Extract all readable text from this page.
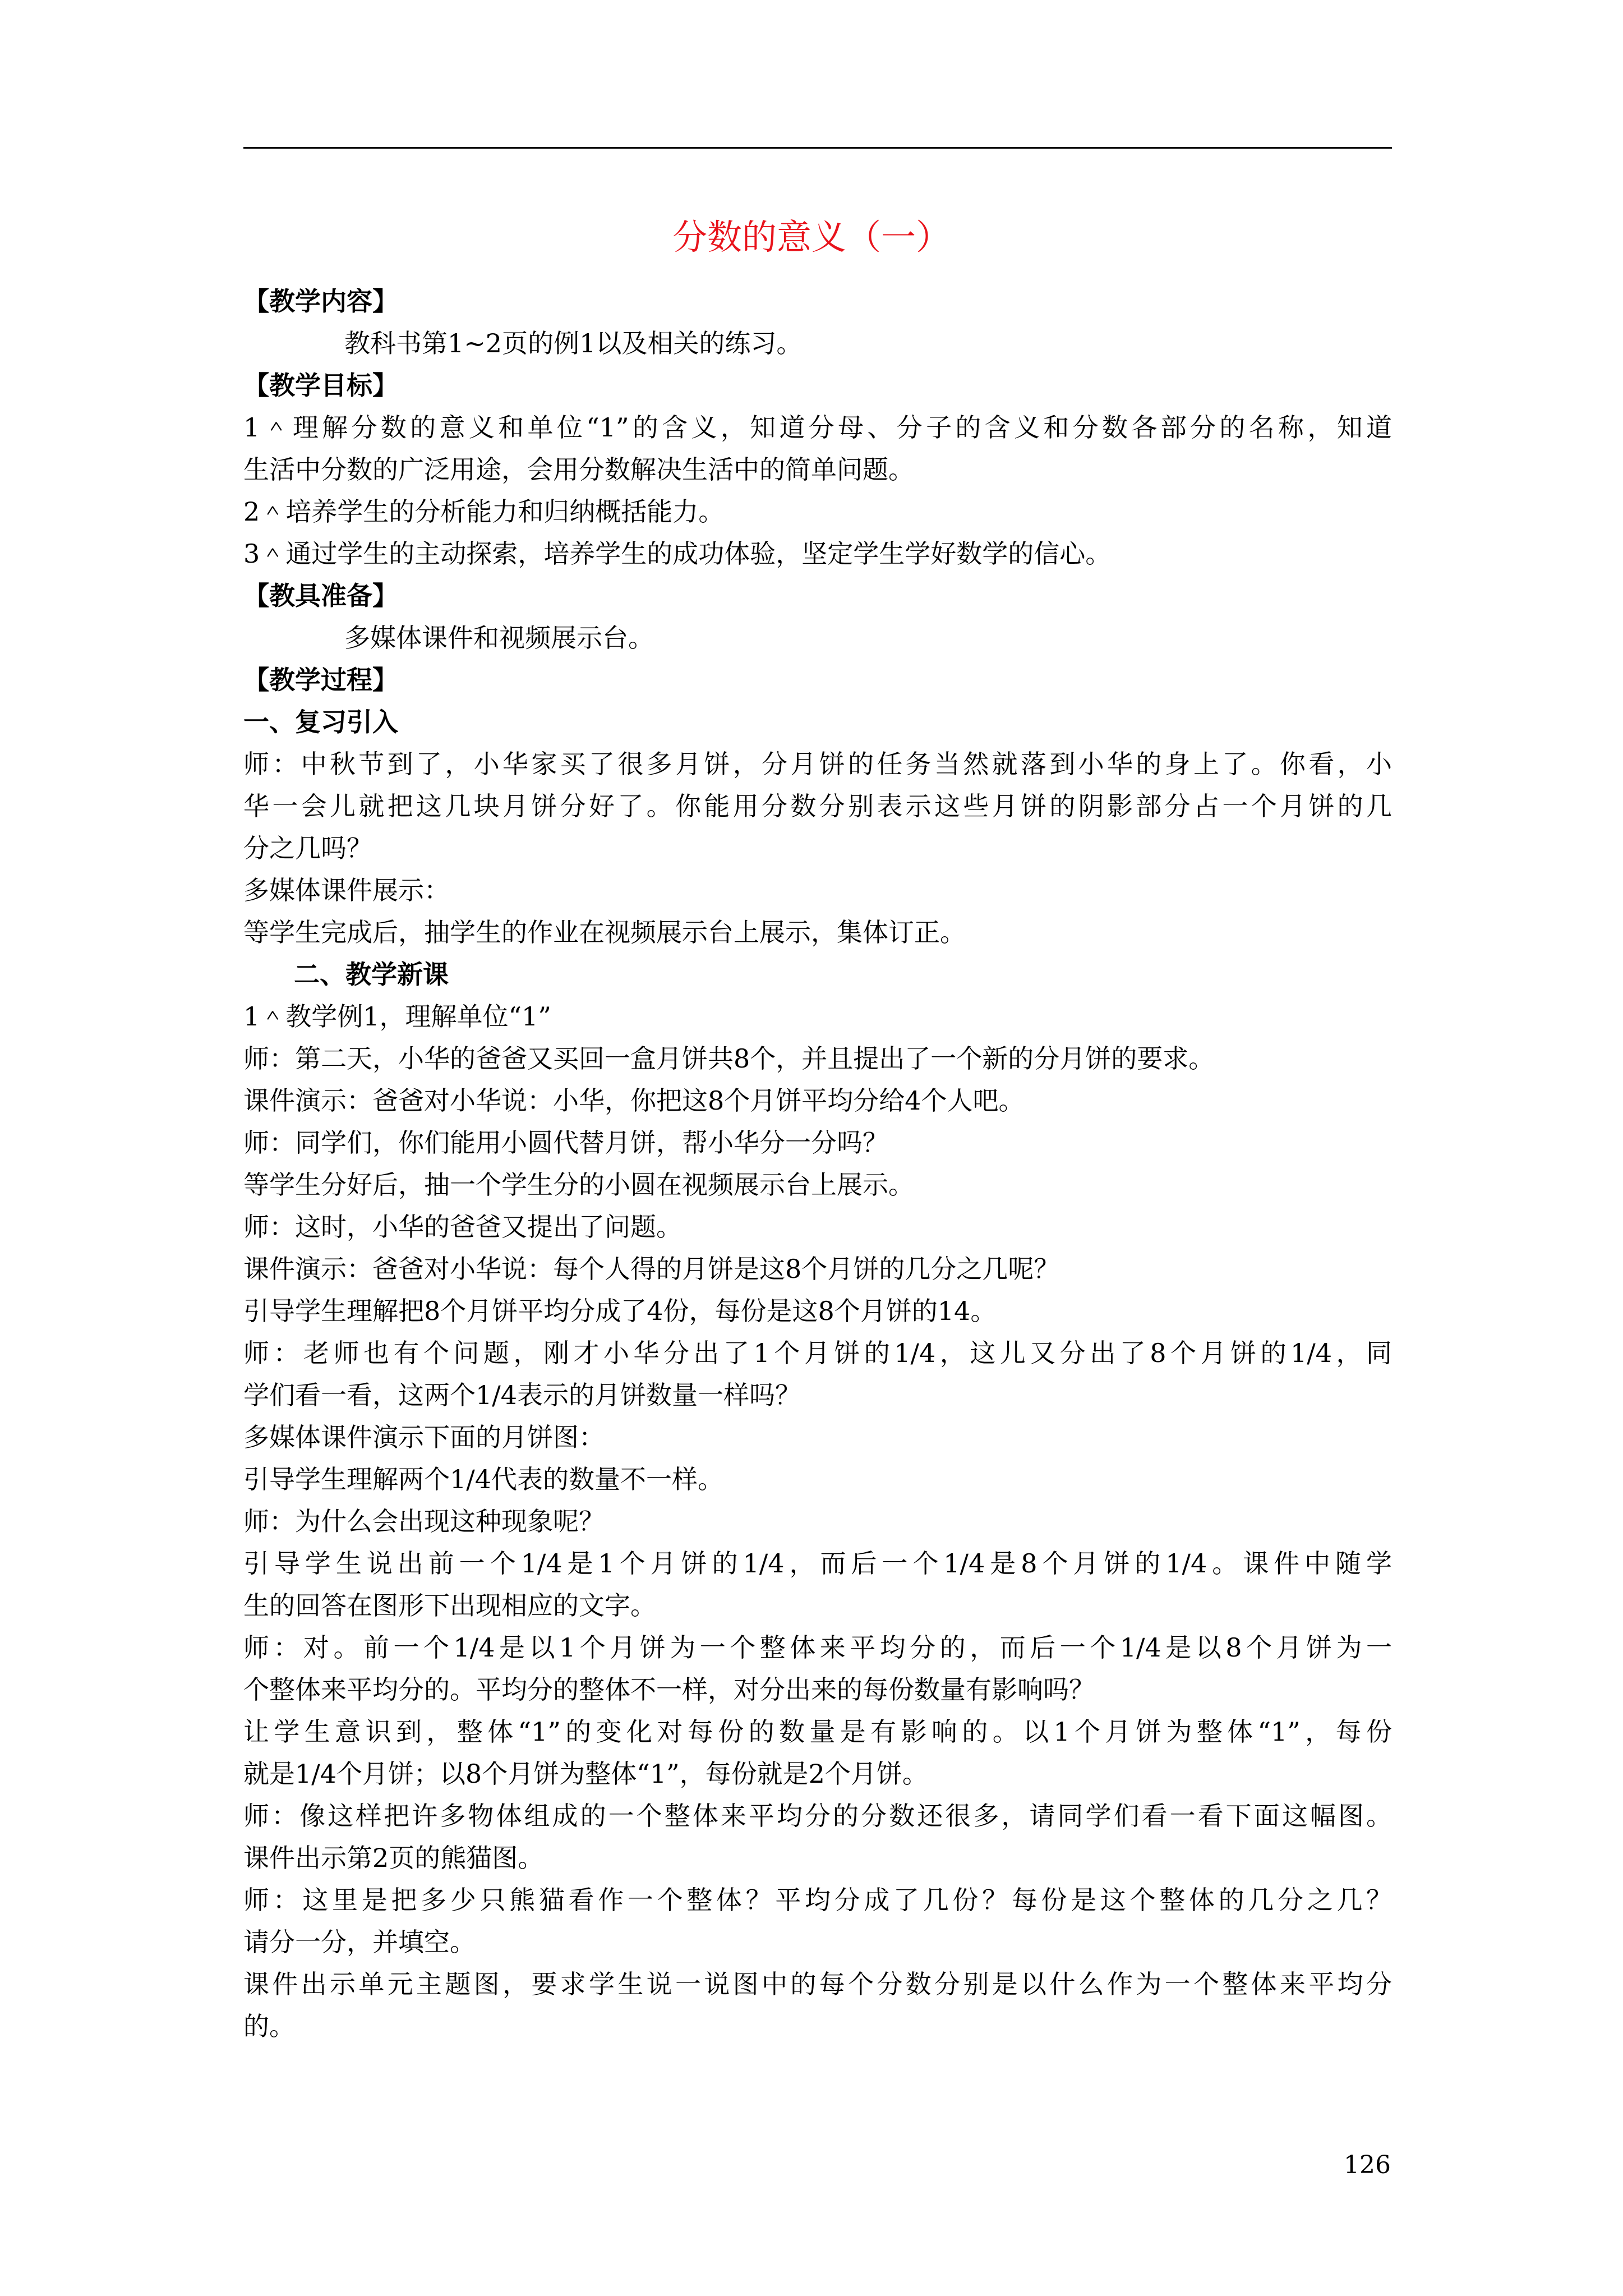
分数的意义（一）
【教学内容】
教科书第1~2页的例1以及相关的练习。
【教学目标】
1＾理解分数的意义和单位“1”的含义，知道分母、分子的含义和分数各部分的名称，知道
生活中分数的广泛用途，会用分数解决生活中的简单问题。
2＾培养学生的分析能力和归纳概括能力。
3＾通过学生的主动探索，培养学生的成功体验，坚定学生学好数学的信心。
【教具准备】
多媒体课件和视频展示台。
【教学过程】
一、复习引入
师：中秋节到了，小华家买了很多月饼，分月饼的任务当然就落到小华的身上了。你看，小
华一会儿就把这几块月饼分好了。你能用分数分别表示这些月饼的阴影部分占一个月饼的几
分之几吗？
多媒体课件展示：
等学生完成后，抽学生的作业在视频展示台上展示，集体订正。
二、教学新课
1＾教学例1，理解单位“1”
师：第二天，小华的爸爸又买回一盒月饼共8个，并且提出了一个新的分月饼的要求。
课件演示：爸爸对小华说：小华，你把这8个月饼平均分给4个人吧。
师：同学们，你们能用小圆代替月饼，帮小华分一分吗？
等学生分好后，抽一个学生分的小圆在视频展示台上展示。
师：这时，小华的爸爸又提出了问题。
课件演示：爸爸对小华说：每个人得的月饼是这8个月饼的几分之几呢？
引导学生理解把8个月饼平均分成了4份，每份是这8个月饼的14。
师：老师也有个问题，刚才小华分出了1个月饼的1/4，这儿又分出了8个月饼的1/4，同
学们看一看，这两个1/4表示的月饼数量一样吗？
多媒体课件演示下面的月饼图：
引导学生理解两个1/4代表的数量不一样。
师：为什么会出现这种现象呢？
引导学生说出前一个1/4是1个月饼的1/4，而后一个1/4是8个月饼的1/4。课件中随学
生的回答在图形下出现相应的文字。
师：对。前一个1/4是以1个月饼为一个整体来平均分的，而后一个1/4是以8个月饼为一
个整体来平均分的。平均分的整体不一样，对分出来的每份数量有影响吗？
让学生意识到，整体“1”的变化对每份的数量是有影响的。以1个月饼为整体“1”，每份
就是1/4个月饼；以8个月饼为整体“1”，每份就是2个月饼。
师：像这样把许多物体组成的一个整体来平均分的分数还很多，请同学们看一看下面这幅图。
课件出示第2页的熊猫图。
师：这里是把多少只熊猫看作一个整体？平均分成了几份？每份是这个整体的几分之几？
请分一分，并填空。
课件出示单元主题图，要求学生说一说图中的每个分数分别是以什么作为一个整体来平均分
的。
126
